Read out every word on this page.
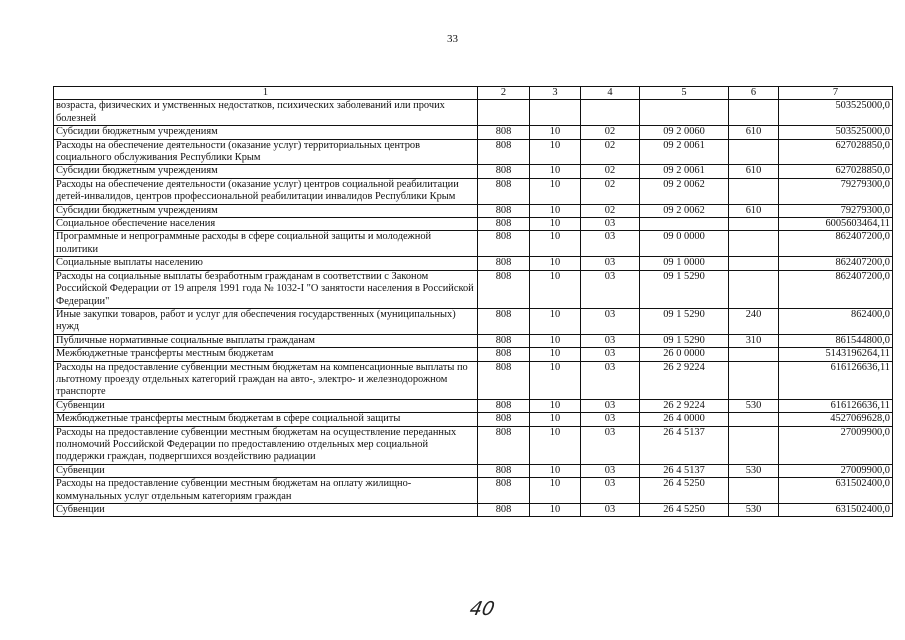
33
1	2	3	4	5	6	7
возраста, физических и умственных недостатков, психических заболеваний или прочих болезней						503525000,0
Субсидии бюджетным учреждениям	808	10	02	09 2 0060	610	503525000,0
Расходы на обеспечение деятельности (оказание услуг) территориальных центров социального обслуживания Республики Крым	808	10	02	09 2 0061		627028850,0
Субсидии бюджетным учреждениям	808	10	02	09 2 0061	610	627028850,0
Расходы на обеспечение деятельности (оказание услуг) центров социальной реабилитации детей-инвалидов, центров профессиональной реабилитации инвалидов Республики Крым	808	10	02	09 2 0062		79279300,0
Субсидии бюджетным учреждениям	808	10	02	09 2 0062	610	79279300,0
Социальное обеспечение населения	808	10	03			6005603464,11
Программные и непрограммные расходы в сфере социальной защиты и молодежной политики	808	10	03	09 0 0000		862407200,0
Социальные выплаты населению	808	10	03	09 1 0000		862407200,0
Расходы на социальные выплаты безработным гражданам в соответствии с Законом Российской Федерации от 19 апреля 1991 года № 1032-I "О занятости населения в Российской Федерации"	808	10	03	09 1 5290		862407200,0
Иные закупки товаров, работ и услуг для обеспечения государственных (муниципальных) нужд	808	10	03	09 1 5290	240	862400,0
Публичные нормативные социальные выплаты гражданам	808	10	03	09 1 5290	310	861544800,0
Межбюджетные трансферты местным бюджетам	808	10	03	26 0 0000		5143196264,11
Расходы на предоставление субвенции местным бюджетам на компенсационные выплаты по льготному проезду отдельных категорий граждан на авто-, электро- и железнодорожном транспорте	808	10	03	26 2 9224		616126636,11
Субвенции	808	10	03	26 2 9224	530	616126636,11
Межбюджетные трансферты местным бюджетам в сфере социальной защиты	808	10	03	26 4 0000		4527069628,0
Расходы на предоставление субвенции местным бюджетам на осуществление переданных полномочий Российской Федерации по предоставлению отдельных мер социальной поддержки граждан, подвергшихся воздействию радиации	808	10	03	26 4 5137		27009900,0
Субвенции	808	10	03	26 4 5137	530	27009900,0
Расходы на предоставление субвенции местным бюджетам на оплату жилищно-коммунальных услуг отдельным категориям граждан	808	10	03	26 4 5250		631502400,0
Субвенции	808	10	03	26 4 5250	530	631502400,0
40
